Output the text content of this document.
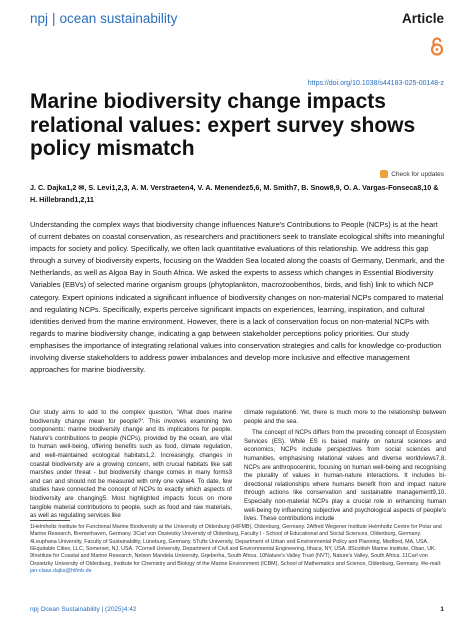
npj | ocean sustainability	Article
https://doi.org/10.1038/s44183-025-00148-z
Marine biodiversity change impacts relational values: expert survey shows policy mismatch
Check for updates

J. C. Dajka1,2 ✉, S. Levi1,2,3, A. M. Verstraeten4, V. A. Menendez5,6, M. Smith7, B. Snow8,9, O. A. Vargas-Fonseca8,10 & H. Hillebrand1,2,11

Understanding the complex ways that biodiversity change influences Nature's Contributions to People (NCPs) is at the heart of current debates on coastal conservation, as researchers and practitioners seek to translate ecological shifts into meaningful impacts for society and policy. Specifically, we often lack quantitative evaluations of this relationship. We address this gap through a survey of biodiversity experts, focusing on the Wadden Sea located along the coasts of Germany, Denmark, and the Netherlands, as well as Algoa Bay in South Africa. We asked the experts to assess which changes in Essential Biodiversity Variables (EBVs) of selected marine organism groups (phytoplankton, macrozoobenthos, birds, and fish) link to which NCP category. Expert opinions indicated a significant influence of biodiversity changes on non-material NCPs compared to material and regulating NCPs. Specifically, experts perceive significant impacts on experiences, learning, inspiration, and cultural identities derived from the marine environment. However, there is a lack of conservation focus on non-material NCPs with regards to marine biodiversity change, indicating a gap between stakeholder perceptions policy priorities. Our study emphasises the importance of integrating relational values into conservation strategies and calls for knowledge co-production involving diverse stakeholders to address power imbalances and develop more inclusive and effective management approaches for marine biodiversity.

Our study aims to add to the complex question, 'What does marine biodiversity change mean for people?'. This involves examining two components: marine biodiversity change and its implications for people. Nature's contributions to people (NCPs), provided by the ocean, are vital to human well-being, offering benefits such as food, climate regulation, and well-maintained ecological habitats1,2. Increasingly, changes in coastal biodiversity are a growing concern, with crucial habitats like salt marshes under threat - but biodiversity change comes in many forms3 and can and should not be measured with only one value4. To date, few studies have connected the concept of NCPs to exactly which aspects of biodiversity are changing5. Most highlighted impacts focus on more tangible material contributions to people, such as food and raw materials, as well as regulating services like

climate regulation6. Yet, there is much more to the relationship between people and the sea.

The concept of NCPs differs from the preceding concept of Ecosystem Services (ES). While ES is based mainly on natural sciences and economics, NCPs include perspectives from social sciences and humanities, emphasising relational values and diverse worldviews7,8. NCPs are anthropocentric, focusing on human well-being and recognising the plurality of values in human-nature interactions. It includes bi-directional relationships where humans benefit from and impact nature through actions like conservation and sustainable management9,10. Especially non-material NCPs play a crucial role in enhancing human well-being by influencing subjective and psychological aspects of people's lives. These contributions include

1Helmholtz Institute for Functional Marine Biodiversity at the University of Oldenburg (HIFMB), Oldenburg, Germany. 2Alfred Wegener Institute Helmholtz Centre for Polar and Marine Research, Bremerhaven, Germany. 3Carl von Ossietzky University of Oldenburg, Faculty I - School of Educational and Social Sciences, Oldenburg, Germany. 4Leuphana University, Faculty of Sustainability, Lüneburg, Germany. 5Tufts University, Department of Urban and Environmental Policy and Planning, Medford, MA, USA. 6Equitable Cities, LLC, Somerset, NJ, USA. 7Cornell University, Department of Civil and Environmental Engineering, Ithaca, NY, USA. 8Scottish Marine Institute, Oban, UK. 9Institute for Coastal and Marine Research, Nelson Mandela University, Gqeberha, South Africa. 10Nature's Valley Trust (NVT), Nature's Valley, South Africa. 11Carl von Ossietzky University of Oldenburg, Institute for Chemistry and Biology of the Marine Environment (ICBM), School of Mathematics and Science, Oldenburg, Germany. ✉e-mail: jan-claas.dajka@hifmb.de

npj Ocean Sustainability | (2025)4:42	1
